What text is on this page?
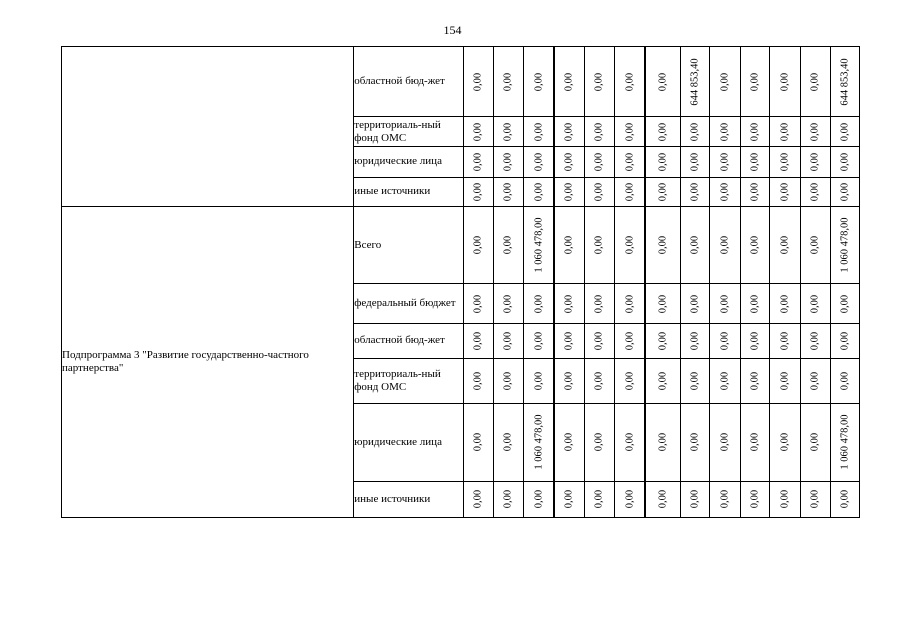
154
	областной бюд-жет	0,00	0,00	0,00	0,00	0,00	0,00	0,00	644 853,40	0,00	0,00	0,00	0,00	644 853,40

	территориаль-ный фонд ОМС	0,00	0,00	0,00	0,00	0,00	0,00	0,00	0,00	0,00	0,00	0,00	0,00	0,00

	юридические лица	0,00	0,00	0,00	0,00	0,00	0,00	0,00	0,00	0,00	0,00	0,00	0,00	0,00

	иные источники	0,00	0,00	0,00	0,00	0,00	0,00	0,00	0,00	0,00	0,00	0,00	0,00	0,00

Подпрограмма 3 "Развитие государственно-частного партнерства"	Всего	0,00	0,00	1 060 478,00	0,00	0,00	0,00	0,00	0,00	0,00	0,00	0,00	0,00	1 060 478,00

	федеральный бюджет	0,00	0,00	0,00	0,00	0,00	0,00	0,00	0,00	0,00	0,00	0,00	0,00	0,00

	областной бюд-жет	0,00	0,00	0,00	0,00	0,00	0,00	0,00	0,00	0,00	0,00	0,00	0,00	0,00

	территориаль-ный фонд ОМС	0,00	0,00	0,00	0,00	0,00	0,00	0,00	0,00	0,00	0,00	0,00	0,00	0,00

	юридические лица	0,00	0,00	1 060 478,00	0,00	0,00	0,00	0,00	0,00	0,00	0,00	0,00	0,00	1 060 478,00

	иные источники	0,00	0,00	0,00	0,00	0,00	0,00	0,00	0,00	0,00	0,00	0,00	0,00	0,00
